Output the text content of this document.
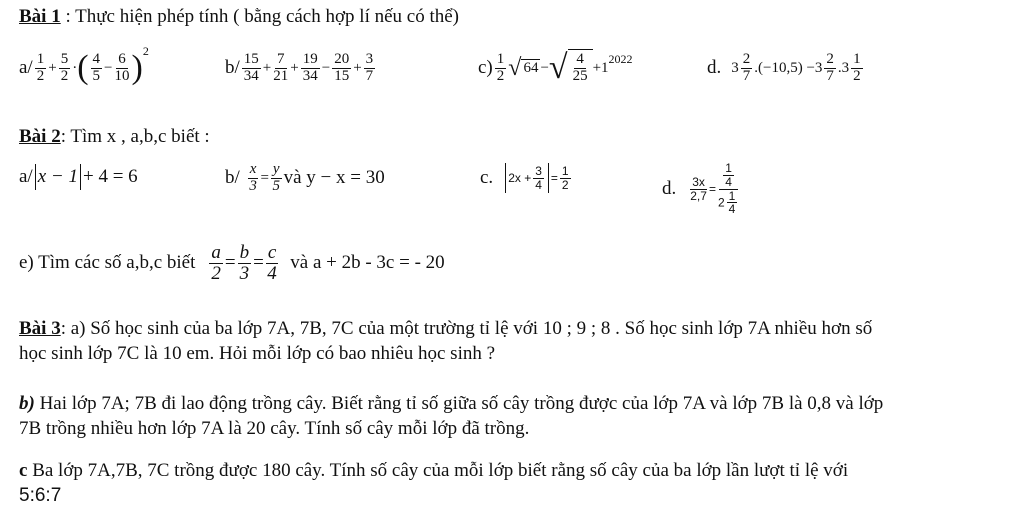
Bài 1 : Thực hiện phép tính ( bằng cách hợp lí nếu có thể)
$a/ \frac{1}{2} + \frac{5}{2}$ · ( $\frac{4}{5} - \frac{6}{10}$ ) 2
$b/ \frac{15}{34} + \frac{7}{21} + \frac{19}{34} - \frac{20}{15} + \frac{3}{7}$	$c) \frac{1}{2}$ √ 64 − √ $\frac{4}{25} + 1$
2022	d. $3 \frac{2}{7} .(-10,5) - 3 \frac{2}{7} .3 \frac{1}{2}$
Bài 2: Tìm x , a,b,c biết :
a/ x − 1 + 4 = 6	$b/ \frac{x}{3} = \frac{y}{5}$ và y − x = 30	c. $2x + \frac{3}{4} = \frac{1}{2}$	d. $\frac{3x}{2,7} = \frac{\frac{1}{4}}{2 \frac{1}{4}}$
e) Tìm các số a,b,c biết $\frac{a}{2} = \frac{b}{3} = \frac{c}{4}$ và a + 2b - 3c = - 20
Bài 3: a) Số học sinh của ba lớp 7A, 7B, 7C của một trường tỉ lệ với 10 ; 9 ; 8 . Số học sinh lớp 7A nhiều hơn số
học sinh lớp 7C là 10 em. Hỏi mỗi lớp có bao nhiêu học sinh ?
b) Hai lớp 7A; 7B đi lao động trồng cây. Biết rằng tỉ số giữa số cây trồng được của lớp 7A và lớp 7B là 0,8 và lớp
7B trồng nhiều hơn lớp 7A là 20 cây. Tính số cây mỗi lớp đã trồng.
c Ba lớp 7A,7B, 7C trồng được 180 cây. Tính số cây của mỗi lớp biết rằng số cây của ba lớp lần lượt tỉ lệ với
5:6:7
